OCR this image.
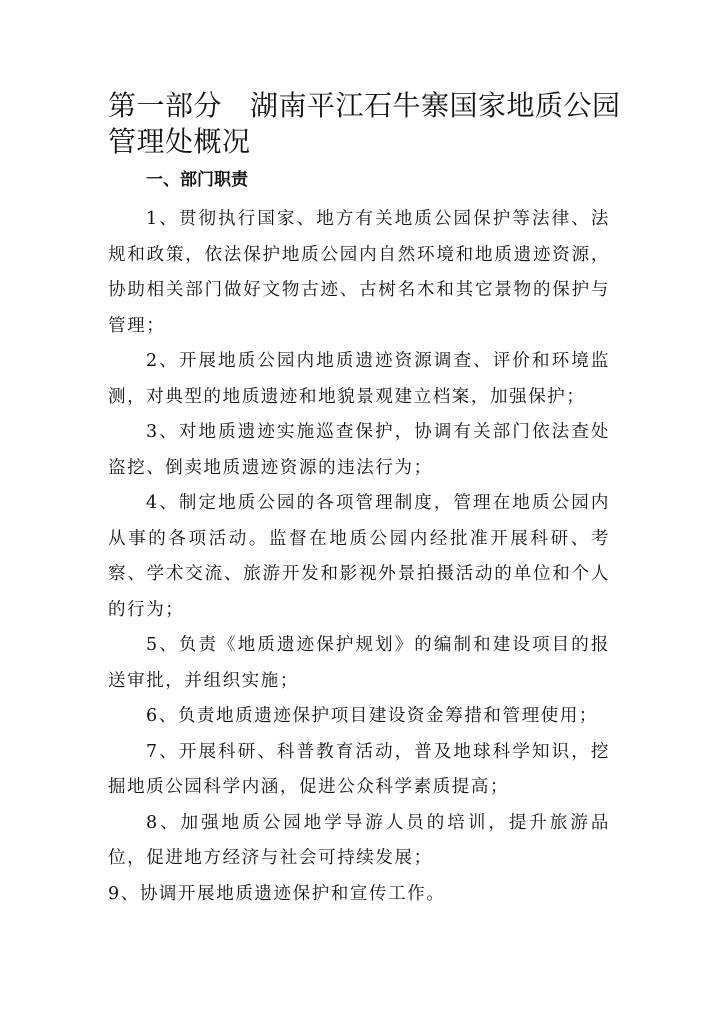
第一部分 湖南平江石牛寨国家地质公园管理处概况
一、部门职责

1、贯彻执行国家、地方有关地质公园保护等法律、法规和政策，依法保护地质公园内自然环境和地质遗迹资源，协助相关部门做好文物古迹、古树名木和其它景物的保护与管理；

2、开展地质公园内地质遗迹资源调查、评价和环境监测，对典型的地质遗迹和地貌景观建立档案，加强保护；

3、对地质遗迹实施巡查保护，协调有关部门依法查处盗挖、倒卖地质遗迹资源的违法行为；

4、制定地质公园的各项管理制度，管理在地质公园内从事的各项活动。监督在地质公园内经批准开展科研、考察、学术交流、旅游开发和影视外景拍摄活动的单位和个人的行为；

5、负责《地质遗迹保护规划》的编制和建设项目的报送审批，并组织实施；

6、负责地质遗迹保护项目建设资金筹措和管理使用；

7、开展科研、科普教育活动，普及地球科学知识，挖掘地质公园科学内涵，促进公众科学素质提高；

8、加强地质公园地学导游人员的培训，提升旅游品位，促进地方经济与社会可持续发展；

9、协调开展地质遗迹保护和宣传工作。
